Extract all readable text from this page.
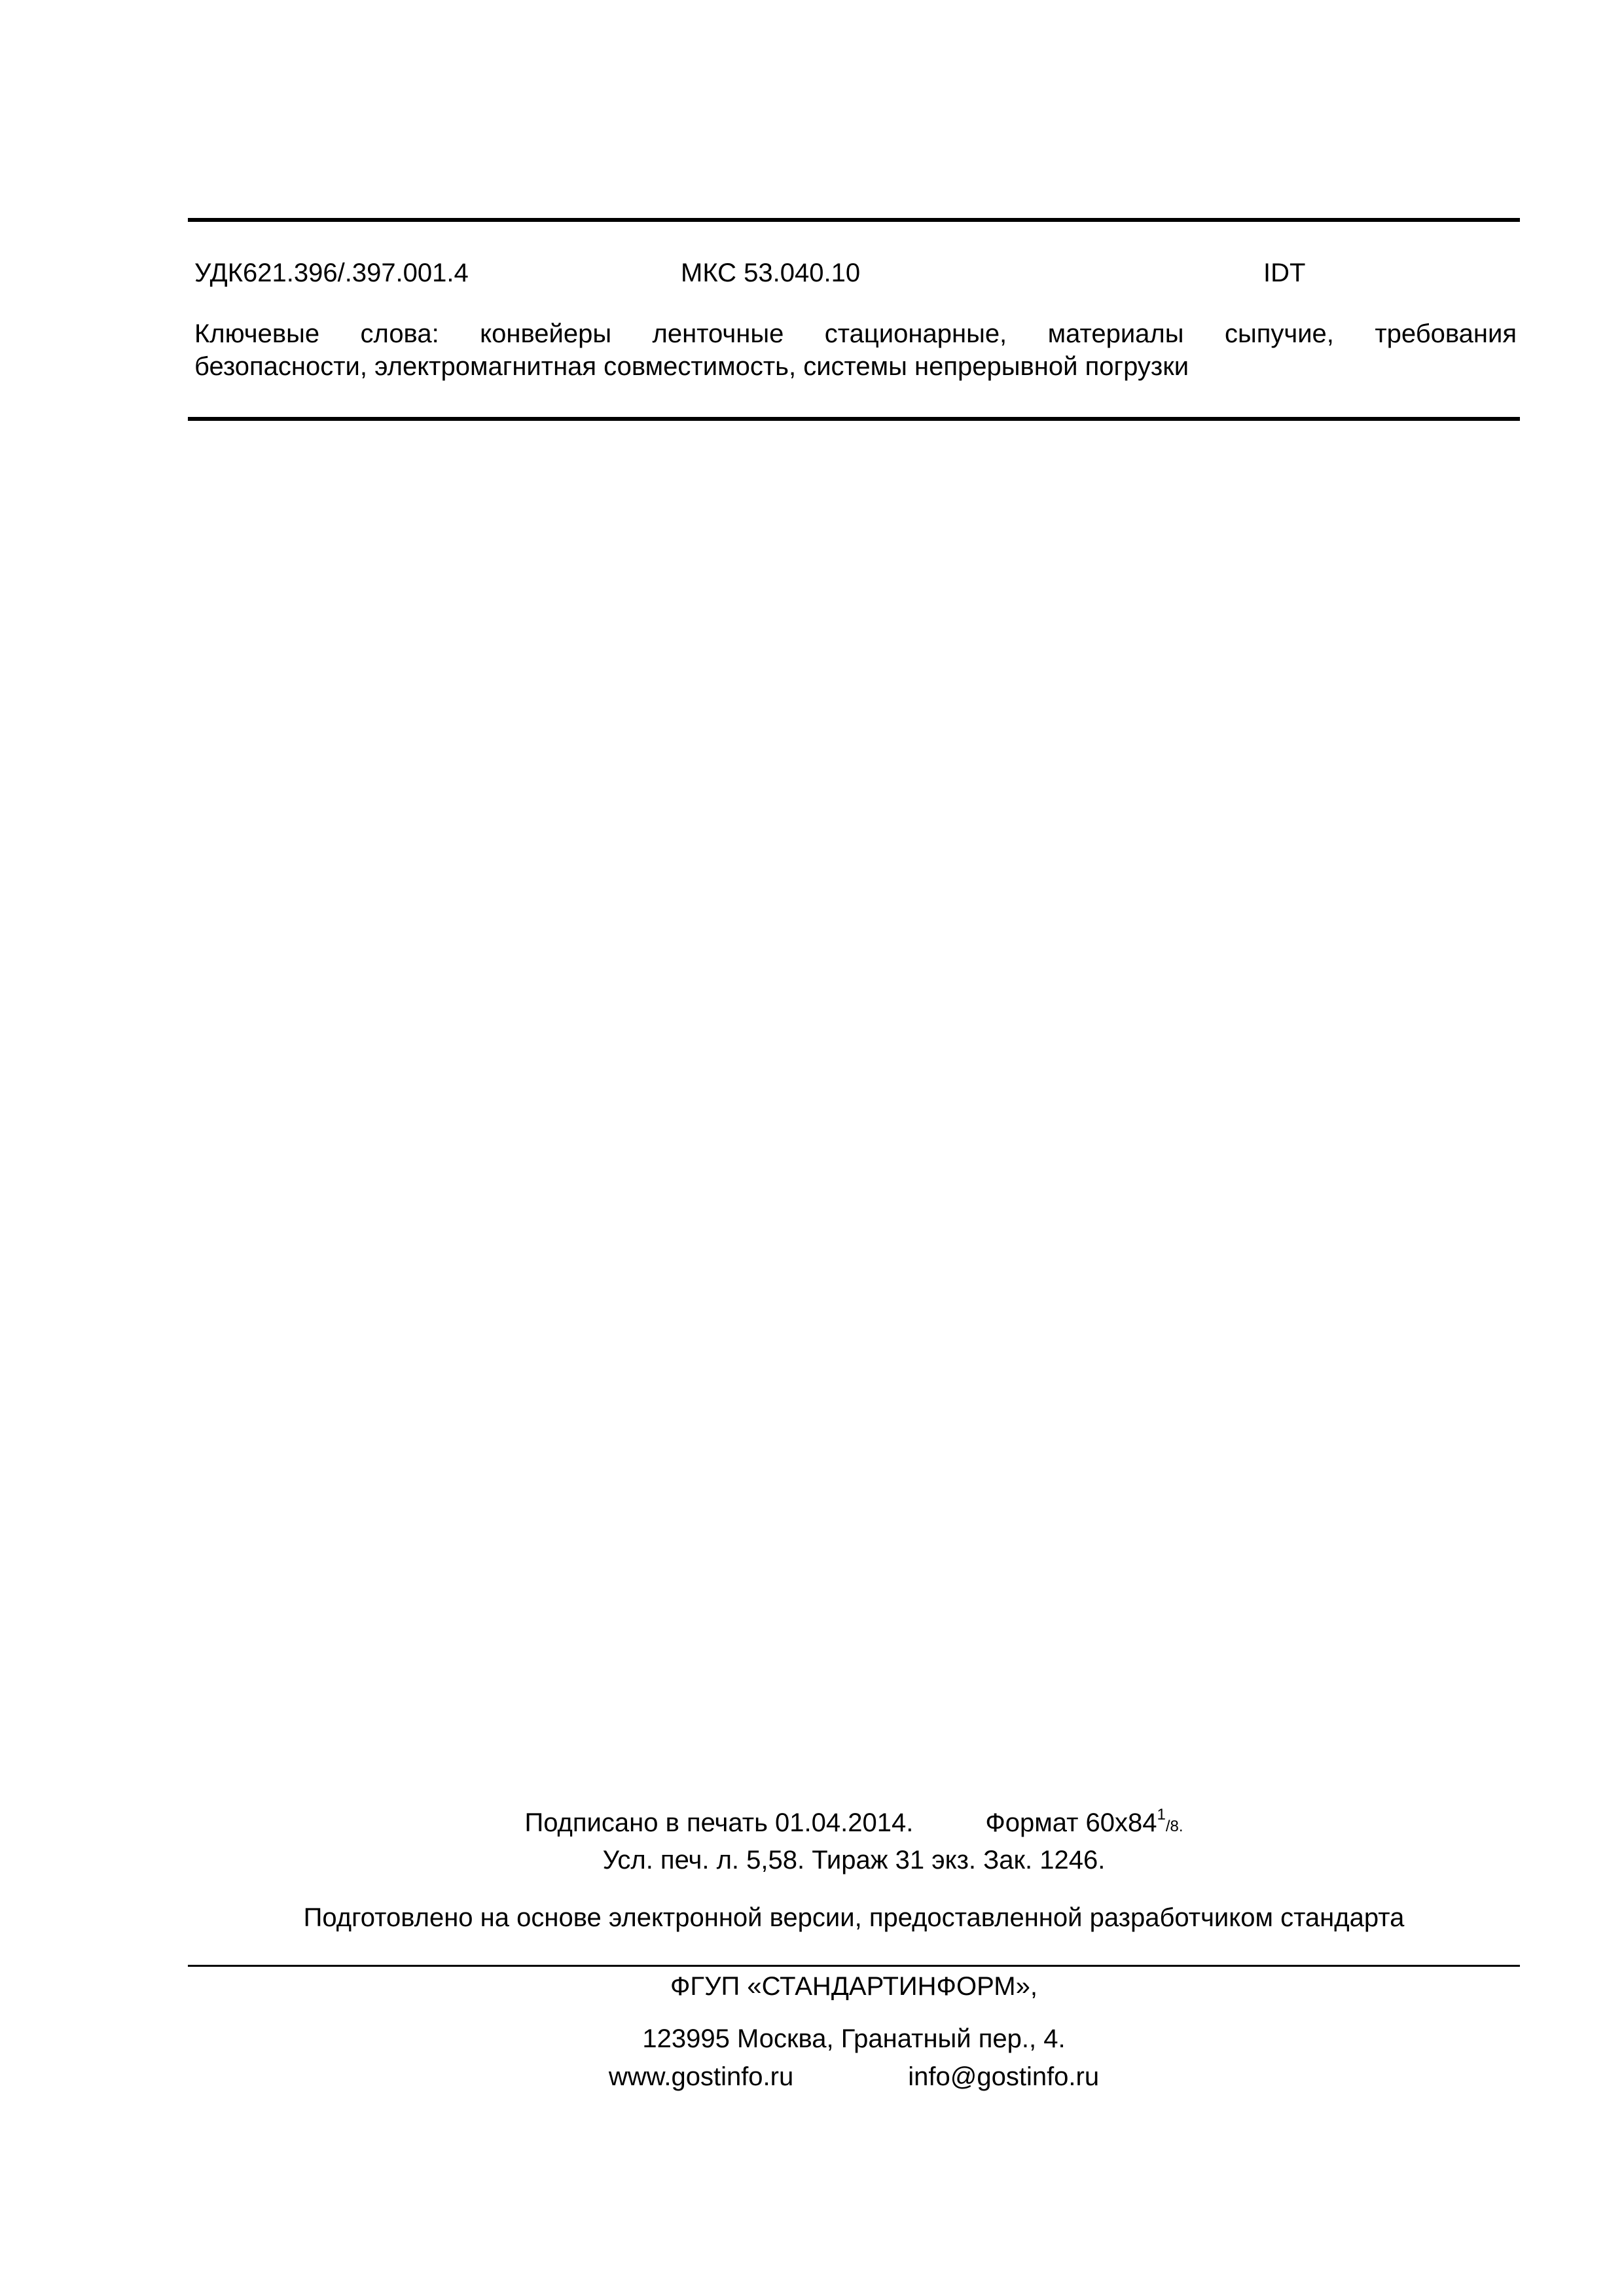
УДК621.396/.397.001.4	МКС 53.040.10	IDT
Ключевые слова: конвейеры ленточные стационарные, материалы сыпучие, требования
безопасности, электромагнитная совместимость, системы непрерывной погрузки
Подписано в печать 01.04.2014.	Формат $60x84^1/8$.
Усл. печ. л. 5,58. Тираж 31 экз. Зак. 1246.
Подготовлено на основе электронной версии, предоставленной разработчиком стандарта
ФГУП «СТАНДАРТИНФОРМ»,
123995 Москва, Гранатный пер., 4.
www.gostinfo.ru	info@gostinfo.ru
